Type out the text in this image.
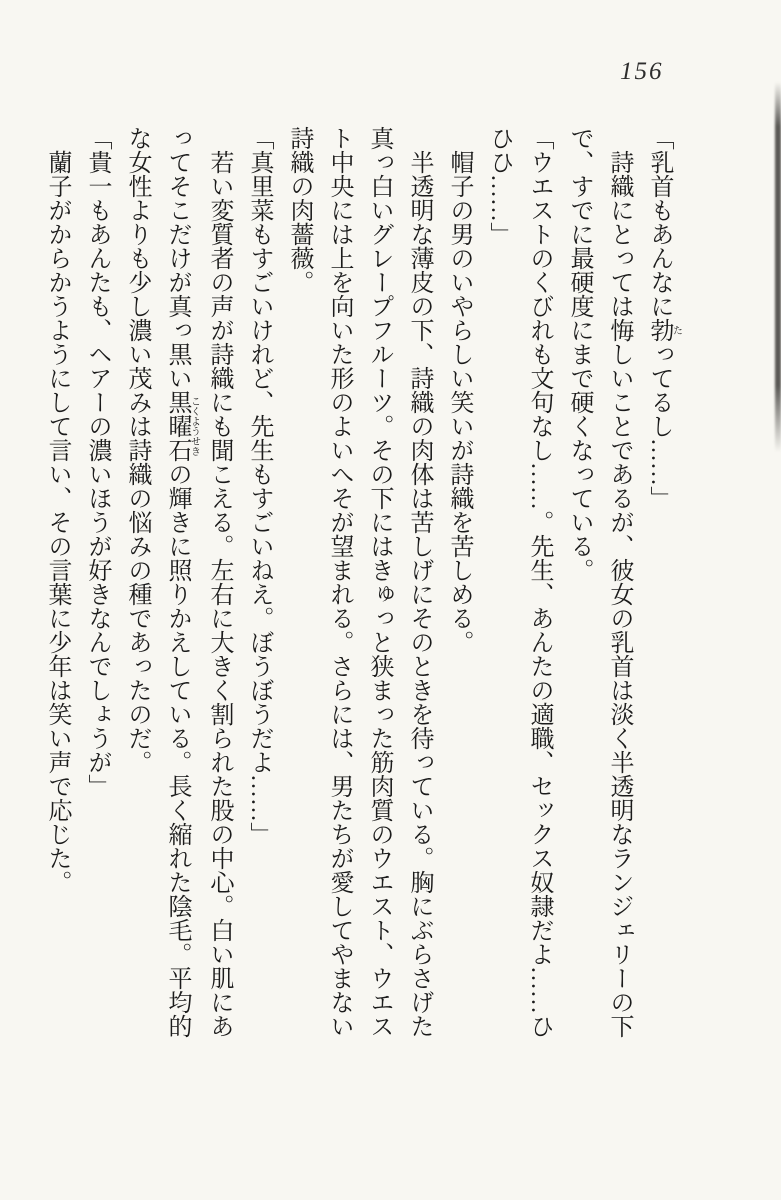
156

「乳首もあんなに勃たってるし……」

　詩織にとっては悔しいことであるが、彼女の乳首は淡く半透明なランジェリーの下

で、すでに最硬度にまで硬くなっている。

「ウエストのくびれも文句なし……。先生、あんたの適職、セックス奴隷だよ……ひ

ひひ……」

　帽子の男のいやらしい笑いが詩織を苦しめる。

　半透明な薄皮の下、詩織の肉体は苦しげにそのときを待っている。胸にぶらさげた

真っ白いグレープフルーツ。その下にはきゅっと狭まった筋肉質のウエスト、ウエス

ト中央には上を向いた形のよいへそが望まれる。さらには、男たちが愛してやまない

詩織の肉薔薇。

「真里菜もすごいけれど、先生もすごいねえ。ぼうぼうだよ……」

　若い変質者の声が詩織にも聞こえる。左右に大きく割られた股の中心。白い肌にあ

ってそこだけが真っ黒い黒曜石こくようせきの輝きに照りかえしている。長く縮れた陰毛。平均的

な女性よりも少し濃い茂みは詩織の悩みの種であったのだ。

「貴一もあんたも、ヘアーの濃いほうが好きなんでしょうが」

　蘭子がからかうようにして言い、その言葉に少年は笑い声で応じた。
